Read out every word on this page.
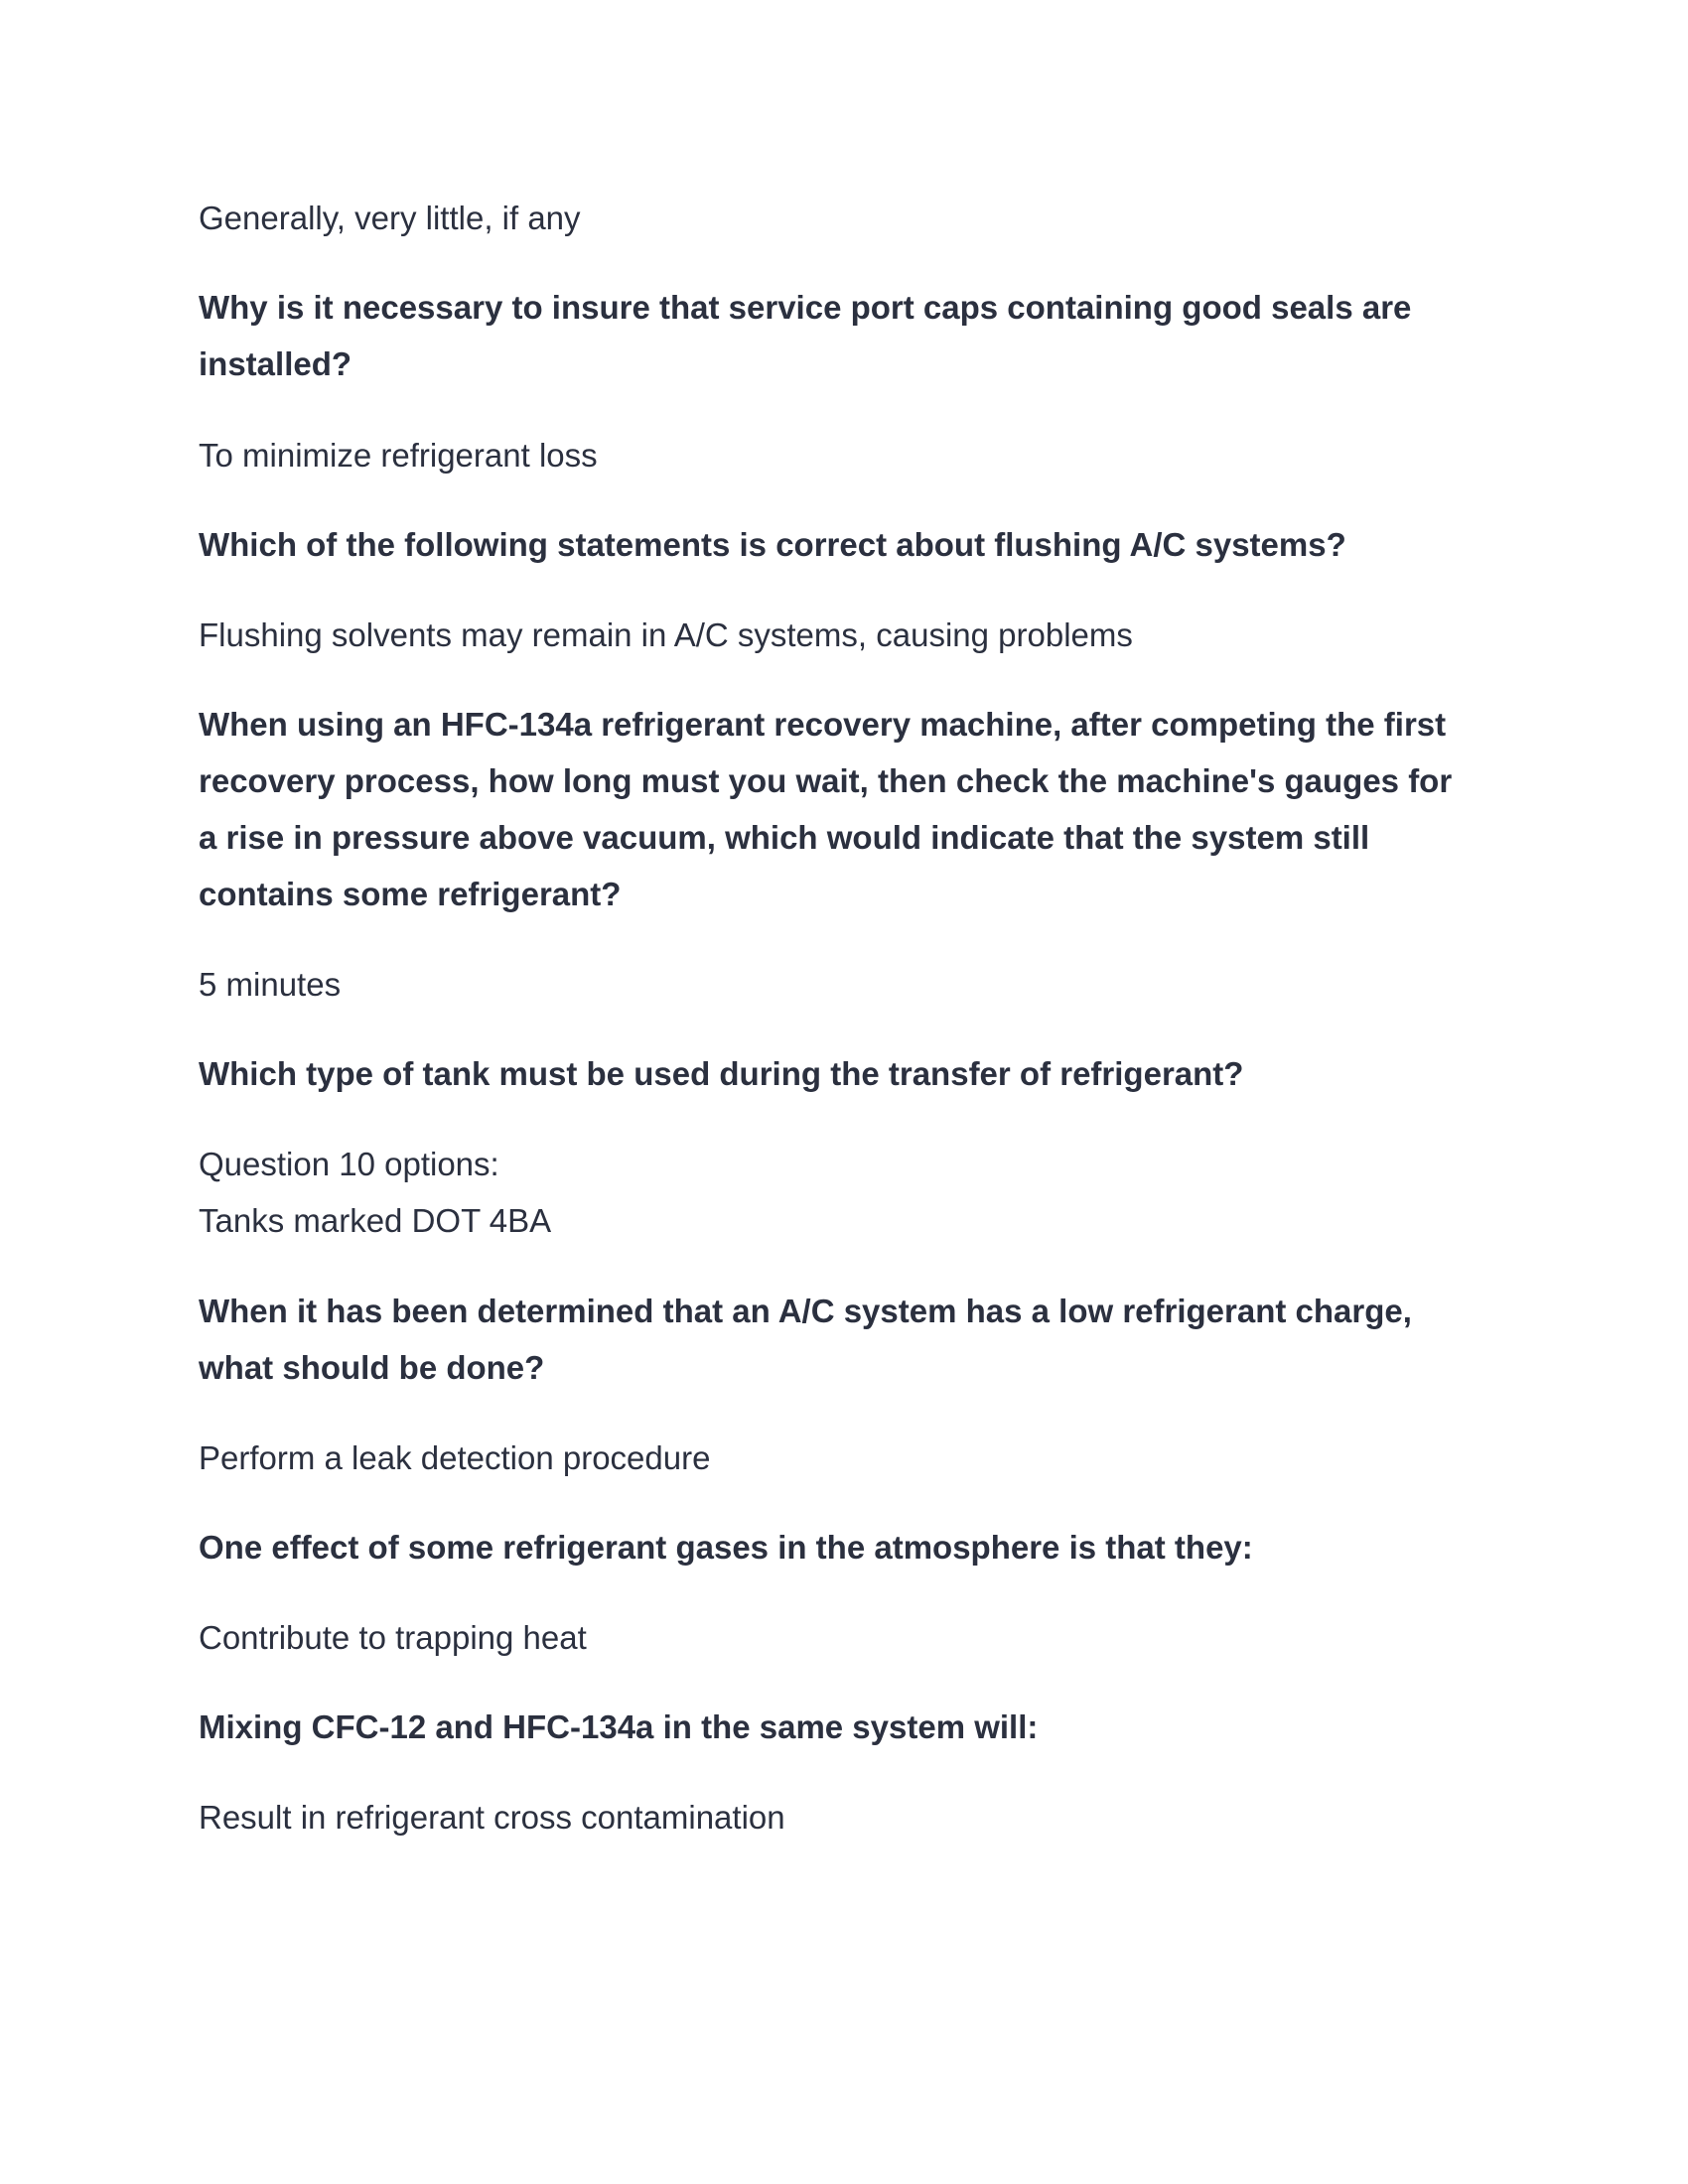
Generally, very little, if any
Why is it necessary to insure that service port caps containing good seals are
installed?
To minimize refrigerant loss
Which of the following statements is correct about flushing A/C systems?
Flushing solvents may remain in A/C systems, causing problems
When using an HFC-134a refrigerant recovery machine, after competing the first
recovery process, how long must you wait, then check the machine's gauges for
a rise in pressure above vacuum, which would indicate that the system still
contains some refrigerant?
5 minutes
Which type of tank must be used during the transfer of refrigerant?
Question 10 options:
Tanks marked DOT 4BA
When it has been determined that an A/C system has a low refrigerant charge,
what should be done?
Perform a leak detection procedure
One effect of some refrigerant gases in the atmosphere is that they:
Contribute to trapping heat
Mixing CFC-12 and HFC-134a in the same system will:
Result in refrigerant cross contamination
